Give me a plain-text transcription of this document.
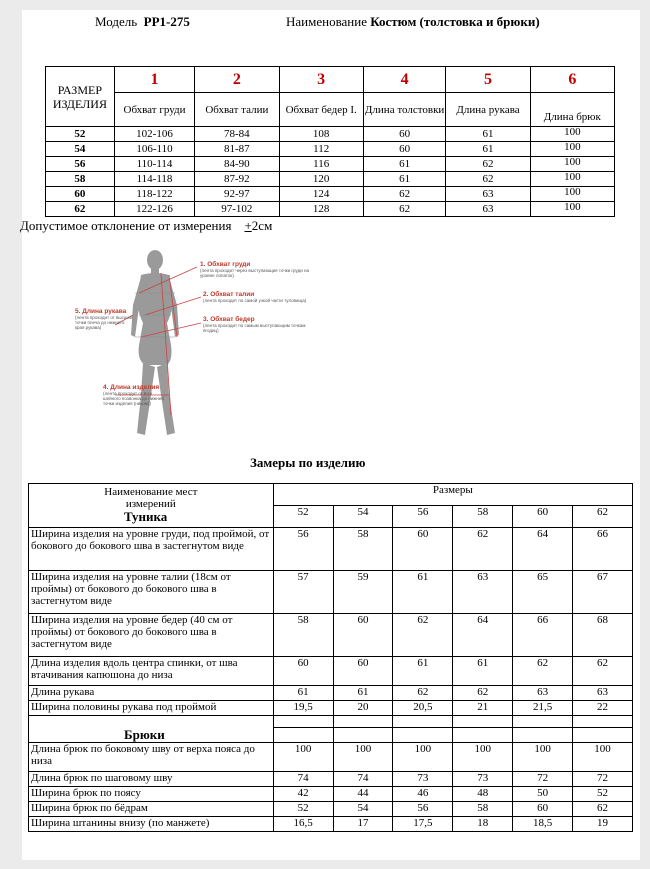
Модель PP1-275	Наименование Костюм (толстовка и брюки)
РАЗМЕР ИЗДЕЛИЯ	1	2	3	4	5	6
	Обхват груди	Обхват талии	Обхват бедер I.	Длина толстовки	Длина рукава	Длина брюк
52	102-106	78-84	108	60	61	100
54	106-110	81-87	112	60	61	100
56	110-114	84-90	116	61	62	100
58	114-118	87-92	120	61	62	100
60	118-122	92-97	124	62	63	100
62	122-126	97-102	128	62	63	100
Допустимое отклонение от измерения +2см
1. Обхват груди
(лента проходит через выступающие точки груди на уровне лопаток)
2. Обхват талии
(лента проходит по самой узкой части туловища)
3. Обхват бедер
(лента проходит по самым выступающим точкам ягодиц)
5. Длина рукава
(лента проходит от высшей точки плеча до нижнего края рукава)
4. Длина изделия
(лента проходит от 6-го шейного позвонка до нижней точки изделия (низом))
Замеры по изделию
Наименование мест измерений
Туника	Размеры					
	52	54	56	58	60	62
Ширина изделия на уровне груди, под проймой, от бокового до бокового шва в застегнутом виде	56	58	60	62	64	66
Ширина изделия на уровне талии (18см от проймы) от бокового до бокового шва в застегнутом виде	57	59	61	63	65	67
Ширина изделия на уровне бедер (40 см от проймы) от бокового до бокового шва в застегнутом виде	58	60	62	64	66	68
Длина изделия вдоль центра спинки, от шва втачивания капюшона до низа	60	60	61	61	62	62
Длина рукава	61	61	62	62	63	63
Ширина половины рукава под проймой	19,5	20	20,5	21	21,5	22

Брюки						
Длина брюк по боковому шву от верха пояса до низа	100	100	100	100	100	100
Длина брюк по шаговому шву	74	74	73	73	72	72
Ширина брюк по поясу	42	44	46	48	50	52
Ширина брюк по бёдрам	52	54	56	58	60	62
Ширина штанины внизу (по манжете)	16,5	17	17,5	18	18,5	19
